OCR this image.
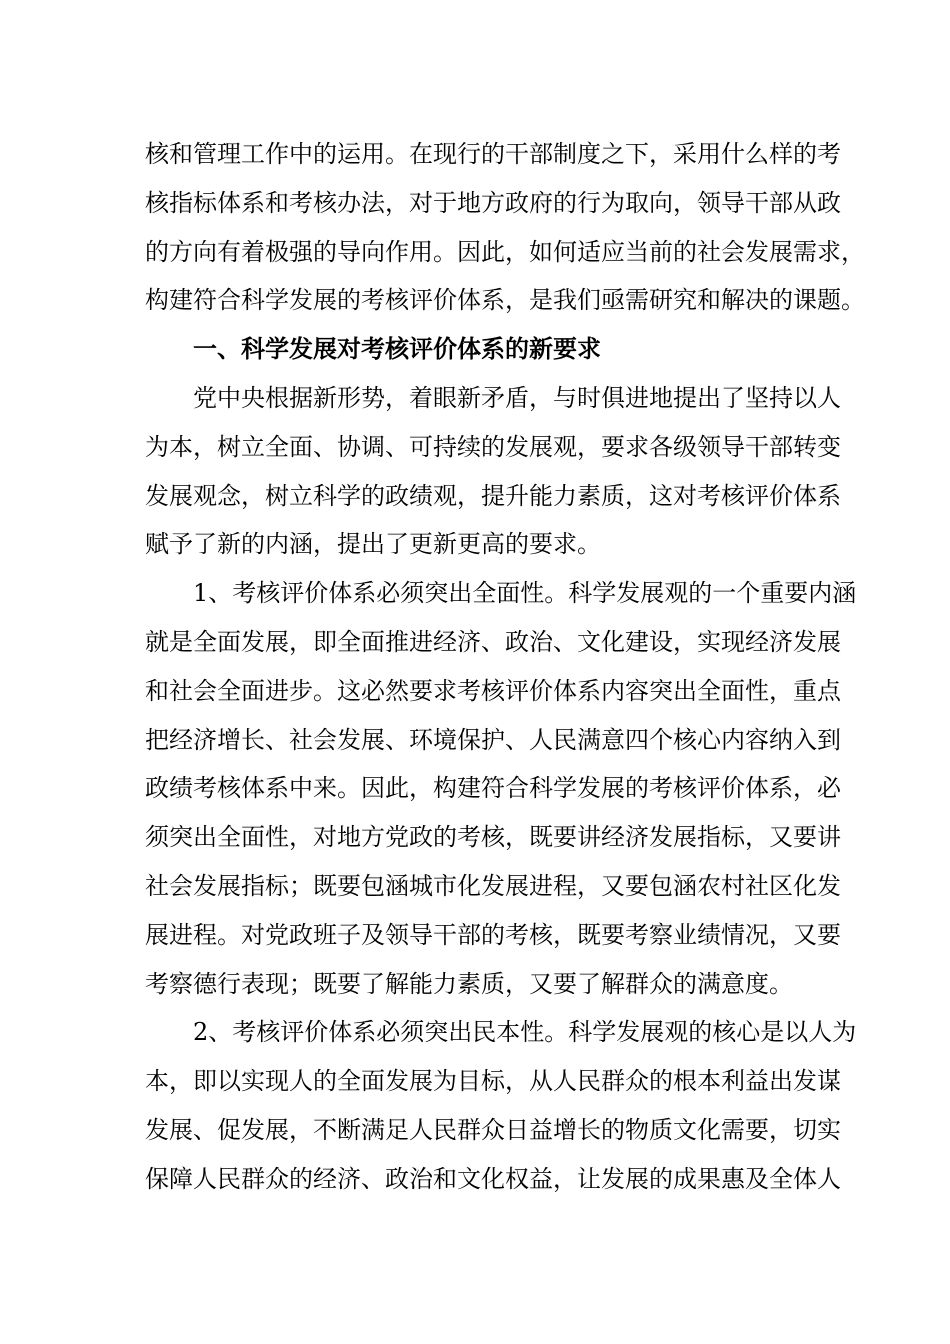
核和管理工作中的运用。在现行的干部制度之下，采用什么样的考
核指标体系和考核办法，对于地方政府的行为取向，领导干部从政
的方向有着极强的导向作用。因此，如何适应当前的社会发展需求，
构建符合科学发展的考核评价体系，是我们亟需研究和解决的课题。
一、科学发展对考核评价体系的新要求
党中央根据新形势，着眼新矛盾，与时俱进地提出了坚持以人
为本，树立全面、协调、可持续的发展观，要求各级领导干部转变
发展观念，树立科学的政绩观，提升能力素质，这对考核评价体系
赋予了新的内涵，提出了更新更高的要求。
1、考核评价体系必须突出全面性。科学发展观的一个重要内涵
就是全面发展，即全面推进经济、政治、文化建设，实现经济发展
和社会全面进步。这必然要求考核评价体系内容突出全面性，重点
把经济增长、社会发展、环境保护、人民满意四个核心内容纳入到
政绩考核体系中来。因此，构建符合科学发展的考核评价体系，必
须突出全面性，对地方党政的考核，既要讲经济发展指标，又要讲
社会发展指标；既要包涵城市化发展进程，又要包涵农村社区化发
展进程。对党政班子及领导干部的考核，既要考察业绩情况，又要
考察德行表现；既要了解能力素质，又要了解群众的满意度。
2、考核评价体系必须突出民本性。科学发展观的核心是以人为
本，即以实现人的全面发展为目标，从人民群众的根本利益出发谋
发展、促发展，不断满足人民群众日益增长的物质文化需要，切实
保障人民群众的经济、政治和文化权益，让发展的成果惠及全体人
